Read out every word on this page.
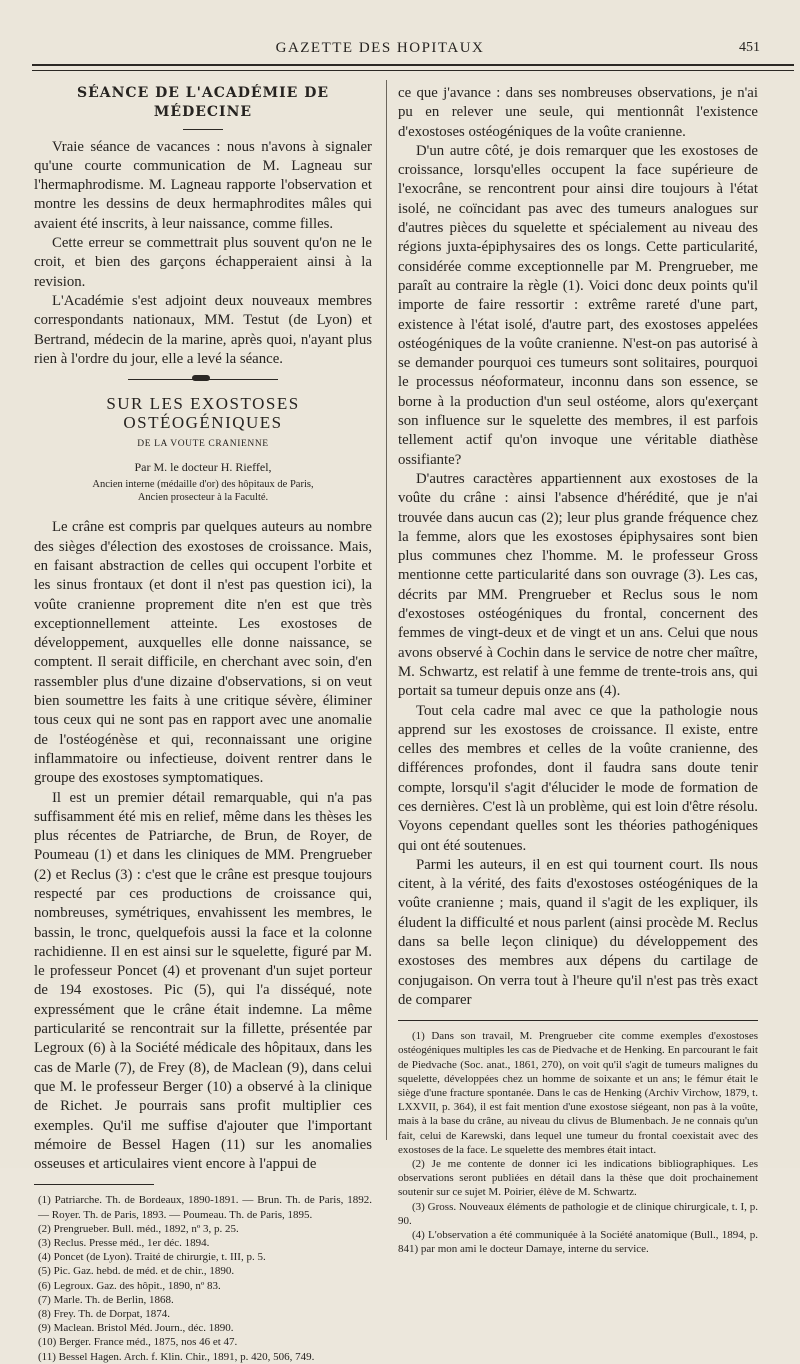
GAZETTE DES HOPITAUX	451
SÉANCE DE L'ACADÉMIE DE MÉDECINE

Vraie séance de vacances : nous n'avons à signaler qu'une courte communication de M. Lagneau sur l'hermaphrodisme. M. Lagneau rapporte l'observation et montre les dessins de deux hermaphrodites mâles qui avaient été inscrits, à leur naissance, comme filles.

Cette erreur se commettrait plus souvent qu'on ne le croit, et bien des garçons échapperaient ainsi à la revision.

L'Académie s'est adjoint deux nouveaux membres correspondants nationaux, MM. Testut (de Lyon) et Bertrand, médecin de la marine, après quoi, n'ayant plus rien à l'ordre du jour, elle a levé la séance.

SUR LES EXOSTOSES OSTÉOGÉNIQUES
DE LA VOUTE CRANIENNE
Par M. le docteur H. Rieffel,
Ancien interne (médaille d'or) des hôpitaux de Paris,
Ancien prosecteur à la Faculté.

Le crâne est compris par quelques auteurs au nombre des sièges d'élection des exostoses de croissance. Mais, en faisant abstraction de celles qui occupent l'orbite et les sinus frontaux (et dont il n'est pas question ici), la voûte cranienne proprement dite n'en est que très exceptionnellement atteinte. Les exostoses de développement, auxquelles elle donne naissance, se comptent. Il serait difficile, en cherchant avec soin, d'en rassembler plus d'une dizaine d'observations, si on veut bien soumettre les faits à une critique sévère, éliminer tous ceux qui ne sont pas en rapport avec une anomalie de l'ostéogénèse et qui, reconnaissant une origine inflammatoire ou infectieuse, doivent rentrer dans le groupe des exostoses symptomatiques.

Il est un premier détail remarquable, qui n'a pas suffisamment été mis en relief, même dans les thèses les plus récentes de Patriarche, de Brun, de Royer, de Poumeau (1) et dans les cliniques de MM. Prengrueber (2) et Reclus (3) : c'est que le crâne est presque toujours respecté par ces productions de croissance qui, nombreuses, symétriques, envahissent les membres, le bassin, le tronc, quelquefois aussi la face et la colonne rachidienne. Il en est ainsi sur le squelette, figuré par M. le professeur Poncet (4) et provenant d'un sujet porteur de 194 exostoses. Pic (5), qui l'a disséqué, note expressément que le crâne était indemne. La même particularité se rencontrait sur la fillette, présentée par Legroux (6) à la Société médicale des hôpitaux, dans les cas de Marle (7), de Frey (8), de Maclean (9), dans celui que M. le professeur Berger (10) a observé à la clinique de Richet. Je pourrais sans profit multiplier ces exemples. Qu'il me suffise d'ajouter que l'important mémoire de Bessel Hagen (11) sur les anomalies osseuses et articulaires vient encore à l'appui de

(1) Patriarche. Th. de Bordeaux, 1890-1891. — Brun. Th. de Paris, 1892. — Royer. Th. de Paris, 1893. — Poumeau. Th. de Paris, 1895.

(2) Prengrueber. Bull. méd., 1892, nº 3, p. 25.

(3) Reclus. Presse méd., 1er déc. 1894.

(4) Poncet (de Lyon). Traité de chirurgie, t. III, p. 5.

(5) Pic. Gaz. hebd. de méd. et de chir., 1890.

(6) Legroux. Gaz. des hôpit., 1890, nº 83.

(7) Marle. Th. de Berlin, 1868.

(8) Frey. Th. de Dorpat, 1874.

(9) Maclean. Bristol Méd. Journ., déc. 1890.

(10) Berger. France méd., 1875, nos 46 et 47.

(11) Bessel Hagen. Arch. f. Klin. Chir., 1891, p. 420, 506, 749.

ce que j'avance : dans ses nombreuses observations, je n'ai pu en relever une seule, qui mentionnât l'existence d'exostoses ostéogéniques de la voûte cranienne.

D'un autre côté, je dois remarquer que les exostoses de croissance, lorsqu'elles occupent la face supérieure de l'exocrâne, se rencontrent pour ainsi dire toujours à l'état isolé, ne coïncidant pas avec des tumeurs analogues sur d'autres pièces du squelette et spécialement au niveau des régions juxta-épiphysaires des os longs. Cette particularité, considérée comme exceptionnelle par M. Prengrueber, me paraît au contraire la règle (1). Voici donc deux points qu'il importe de faire ressortir : extrême rareté d'une part, existence à l'état isolé, d'autre part, des exostoses appelées ostéogéniques de la voûte cranienne. N'est-on pas autorisé à se demander pourquoi ces tumeurs sont solitaires, pourquoi le processus néoformateur, inconnu dans son essence, se borne à la production d'un seul ostéome, alors qu'exerçant son influence sur le squelette des membres, il est parfois tellement actif qu'on invoque une véritable diathèse ossifiante?

D'autres caractères appartiennent aux exostoses de la voûte du crâne : ainsi l'absence d'hérédité, que je n'ai trouvée dans aucun cas (2); leur plus grande fréquence chez la femme, alors que les exostoses épiphysaires sont bien plus communes chez l'homme. M. le professeur Gross mentionne cette particularité dans son ouvrage (3). Les cas, décrits par MM. Prengrueber et Reclus sous le nom d'exostoses ostéogéniques du frontal, concernent des femmes de vingt-deux et de vingt et un ans. Celui que nous avons observé à Cochin dans le service de notre cher maître, M. Schwartz, est relatif à une femme de trente-trois ans, qui portait sa tumeur depuis onze ans (4).

Tout cela cadre mal avec ce que la pathologie nous apprend sur les exostoses de croissance. Il existe, entre celles des membres et celles de la voûte cranienne, des différences profondes, dont il faudra sans doute tenir compte, lorsqu'il s'agit d'élucider le mode de formation de ces dernières. C'est là un problème, qui est loin d'être résolu. Voyons cependant quelles sont les théories pathogéniques qui ont été soutenues.

Parmi les auteurs, il en est qui tournent court. Ils nous citent, à la vérité, des faits d'exostoses ostéogéniques de la voûte cranienne ; mais, quand il s'agit de les expliquer, ils éludent la difficulté et nous parlent (ainsi procède M. Reclus dans sa belle leçon clinique) du développement des exostoses des membres aux dépens du cartilage de conjugaison. On verra tout à l'heure qu'il n'est pas très exact de comparer

(1) Dans son travail, M. Prengrueber cite comme exemples d'exostoses ostéogéniques multiples les cas de Piedvache et de Henking. En parcourant le fait de Piedvache (Soc. anat., 1861, 270), on voit qu'il s'agit de tumeurs malignes du squelette, développées chez un homme de soixante et un ans; le fémur était le siège d'une fracture spontanée. Dans le cas de Henking (Archiv Virchow, 1879, t. LXXVII, p. 364), il est fait mention d'une exostose siégeant, non pas à la voûte, mais à la base du crâne, au niveau du clivus de Blumenbach. Je ne connais qu'un fait, celui de Karewski, dans lequel une tumeur du frontal coexistait avec des exostoses de la face. Le squelette des membres était intact.

(2) Je me contente de donner ici les indications bibliographiques. Les observations seront publiées en détail dans la thèse que doit prochainement soutenir sur ce sujet M. Poirier, élève de M. Schwartz.

(3) Gross. Nouveaux éléments de pathologie et de clinique chirurgicale, t. I, p. 90.

(4) L'observation a été communiquée à la Société anatomique (Bull., 1894, p. 841) par mon ami le docteur Damaye, interne du service.
